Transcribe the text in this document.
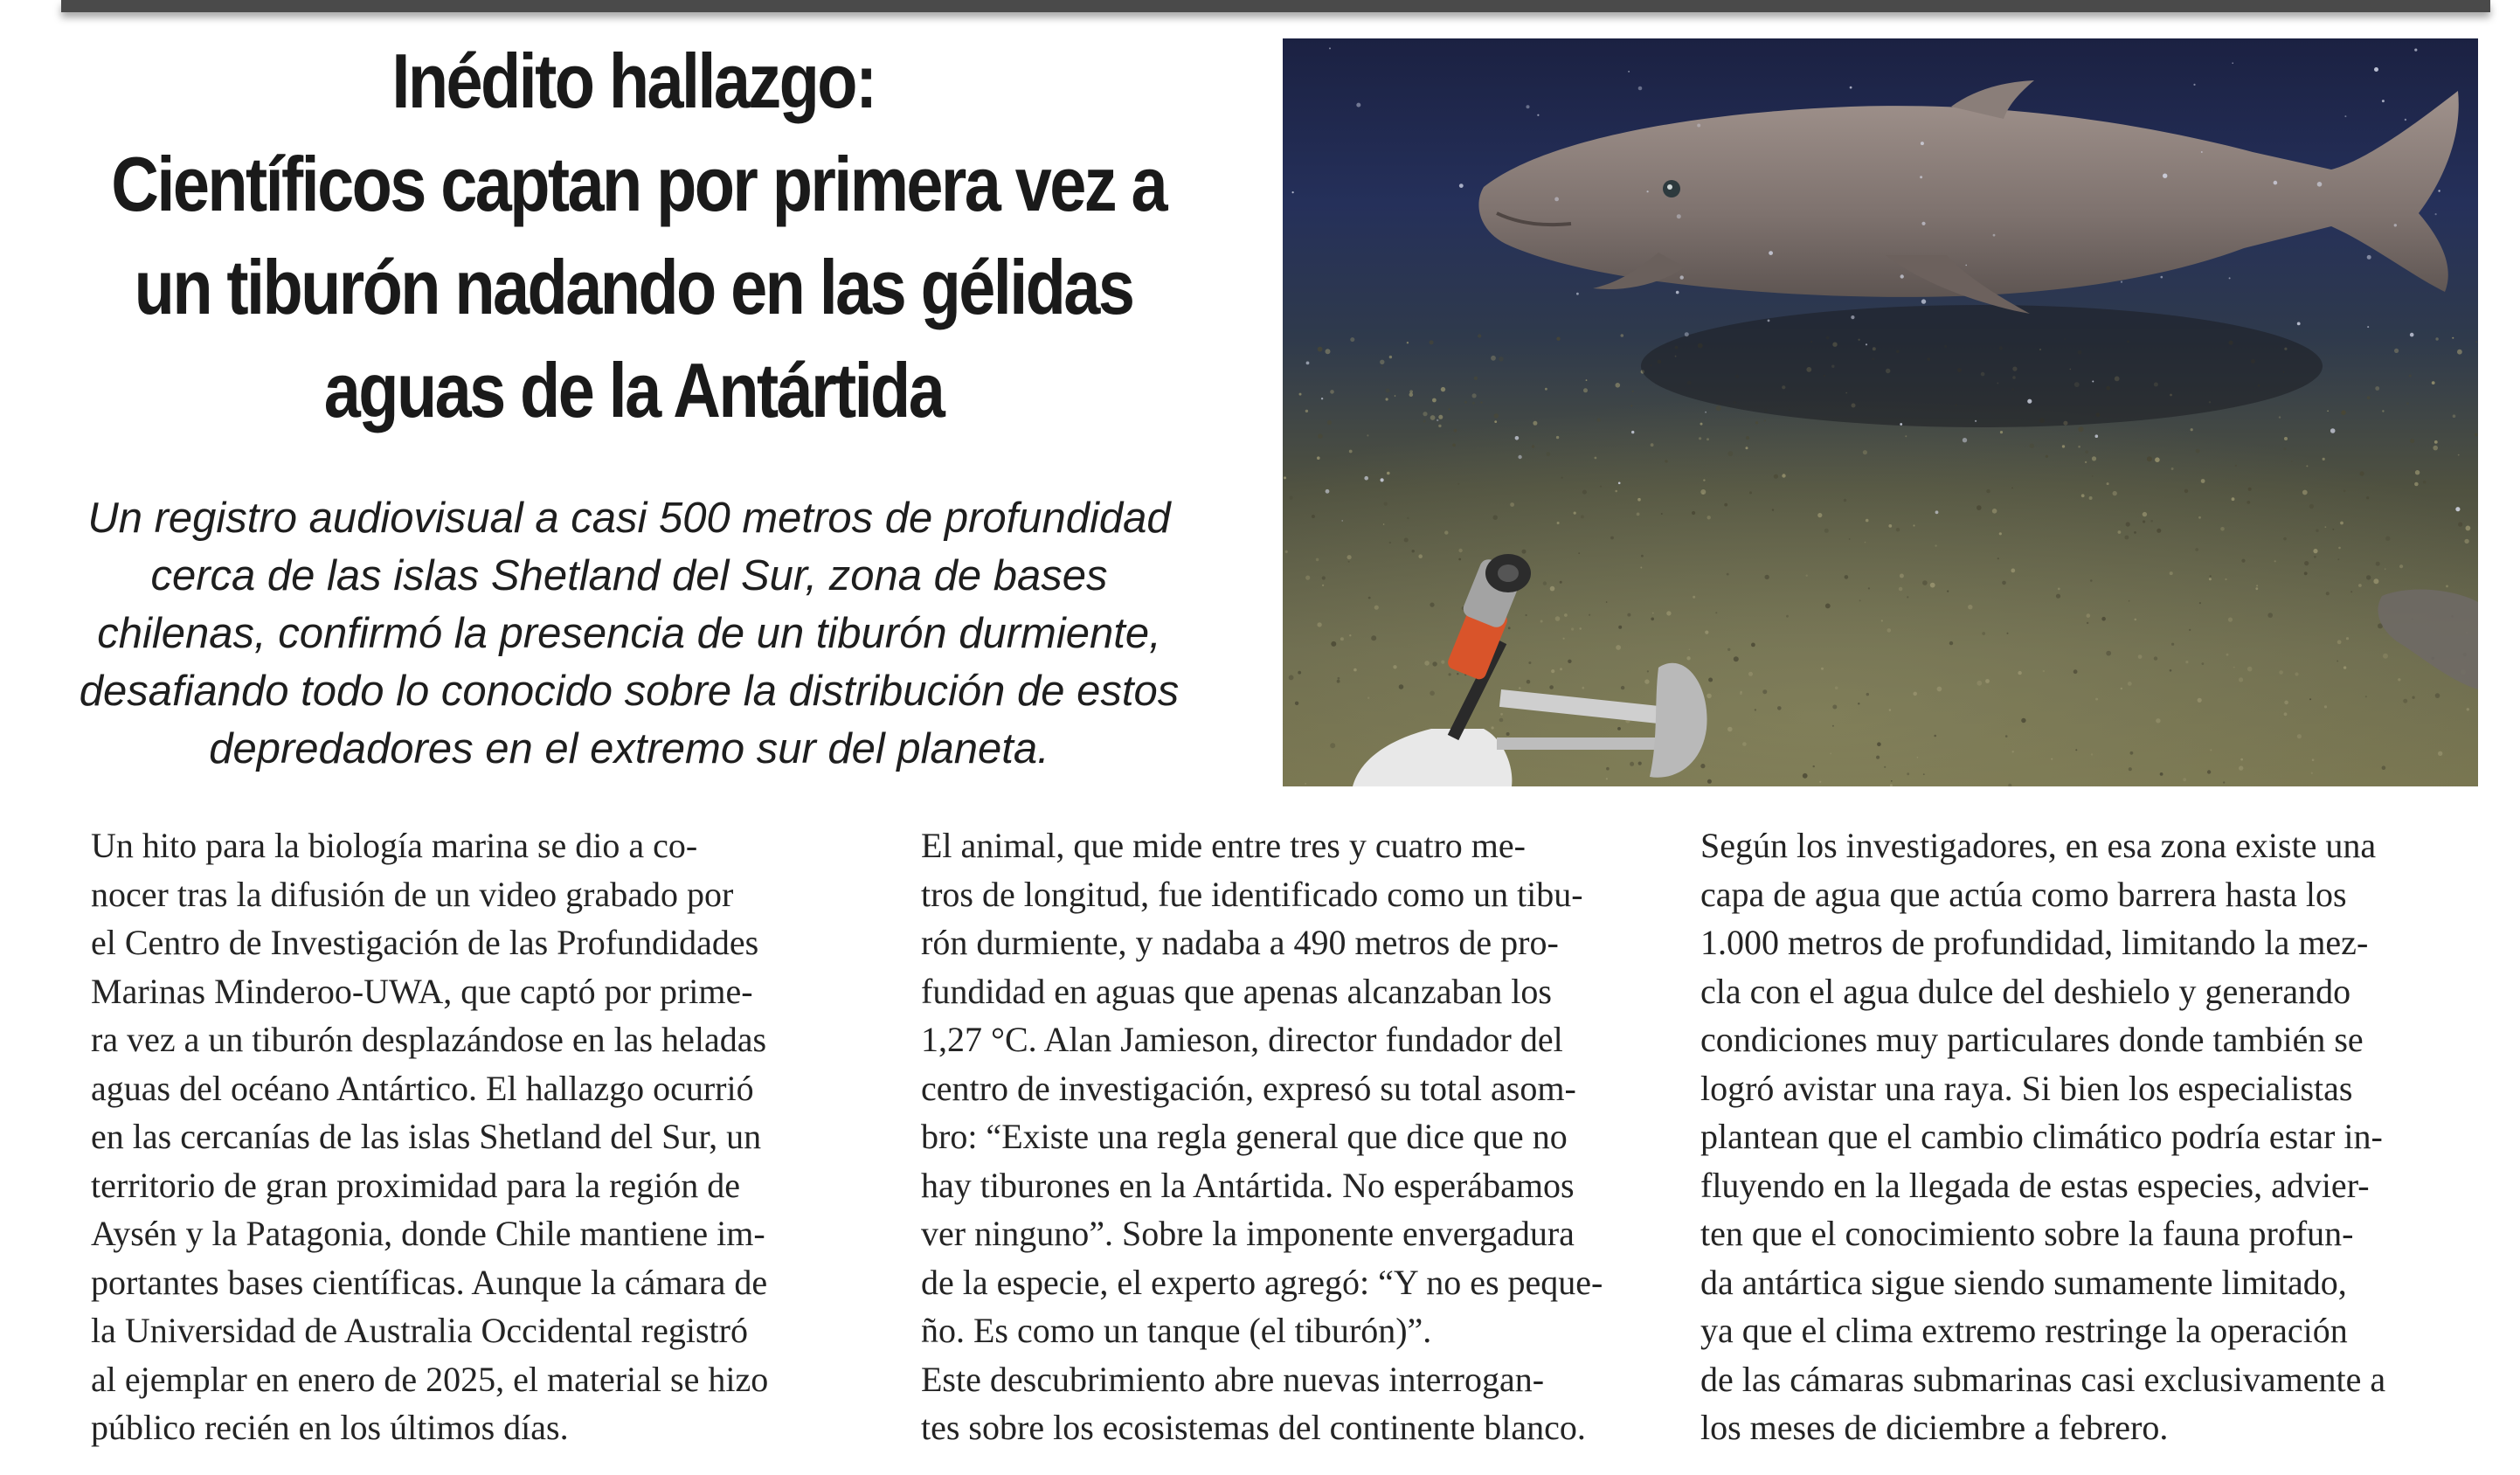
Inédito hallazgo:
Científicos captan por primera vez a
un tiburón nadando en las gélidas
aguas de la Antártida
Un registro audiovisual a casi 500 metros de profundidad
cerca de las islas Shetland del Sur, zona de bases
chilenas, confirmó la presencia de un tiburón durmiente,
desafiando todo lo conocido sobre la distribución de estos
depredadores en el extremo sur del planeta.

Un hito para la biología marina se dio a co-
nocer tras la difusión de un video grabado por
el Centro de Investigación de las Profundidades
Marinas Minderoo-UWA, que captó por prime-
ra vez a un tiburón desplazándose en las heladas
aguas del océano Antártico. El hallazgo ocurrió
en las cercanías de las islas Shetland del Sur, un
territorio de gran proximidad para la región de
Aysén y la Patagonia, donde Chile mantiene im-
portantes bases científicas. Aunque la cámara de
la Universidad de Australia Occidental registró
al ejemplar en enero de 2025, el material se hizo
público recién en los últimos días.

El animal, que mide entre tres y cuatro me-
tros de longitud, fue identificado como un tibu-
rón durmiente, y nadaba a 490 metros de pro-
fundidad en aguas que apenas alcanzaban los
1,27 °C. Alan Jamieson, director fundador del
centro de investigación, expresó su total asom-
bro: “Existe una regla general que dice que no
hay tiburones en la Antártida. No esperábamos
ver ninguno”. Sobre la imponente envergadura
de la especie, el experto agregó: “Y no es peque-
ño. Es como un tanque (el tiburón)”.

Este descubrimiento abre nuevas interrogan-
tes sobre los ecosistemas del continente blanco.

Según los investigadores, en esa zona existe una
capa de agua que actúa como barrera hasta los
1.000 metros de profundidad, limitando la mez-
cla con el agua dulce del deshielo y generando
condiciones muy particulares donde también se
logró avistar una raya. Si bien los especialistas
plantean que el cambio climático podría estar in-
fluyendo en la llegada de estas especies, advier-
ten que el conocimiento sobre la fauna profun-
da antártica sigue siendo sumamente limitado,
ya que el clima extremo restringe la operación
de las cámaras submarinas casi exclusivamente a
los meses de diciembre a febrero.
